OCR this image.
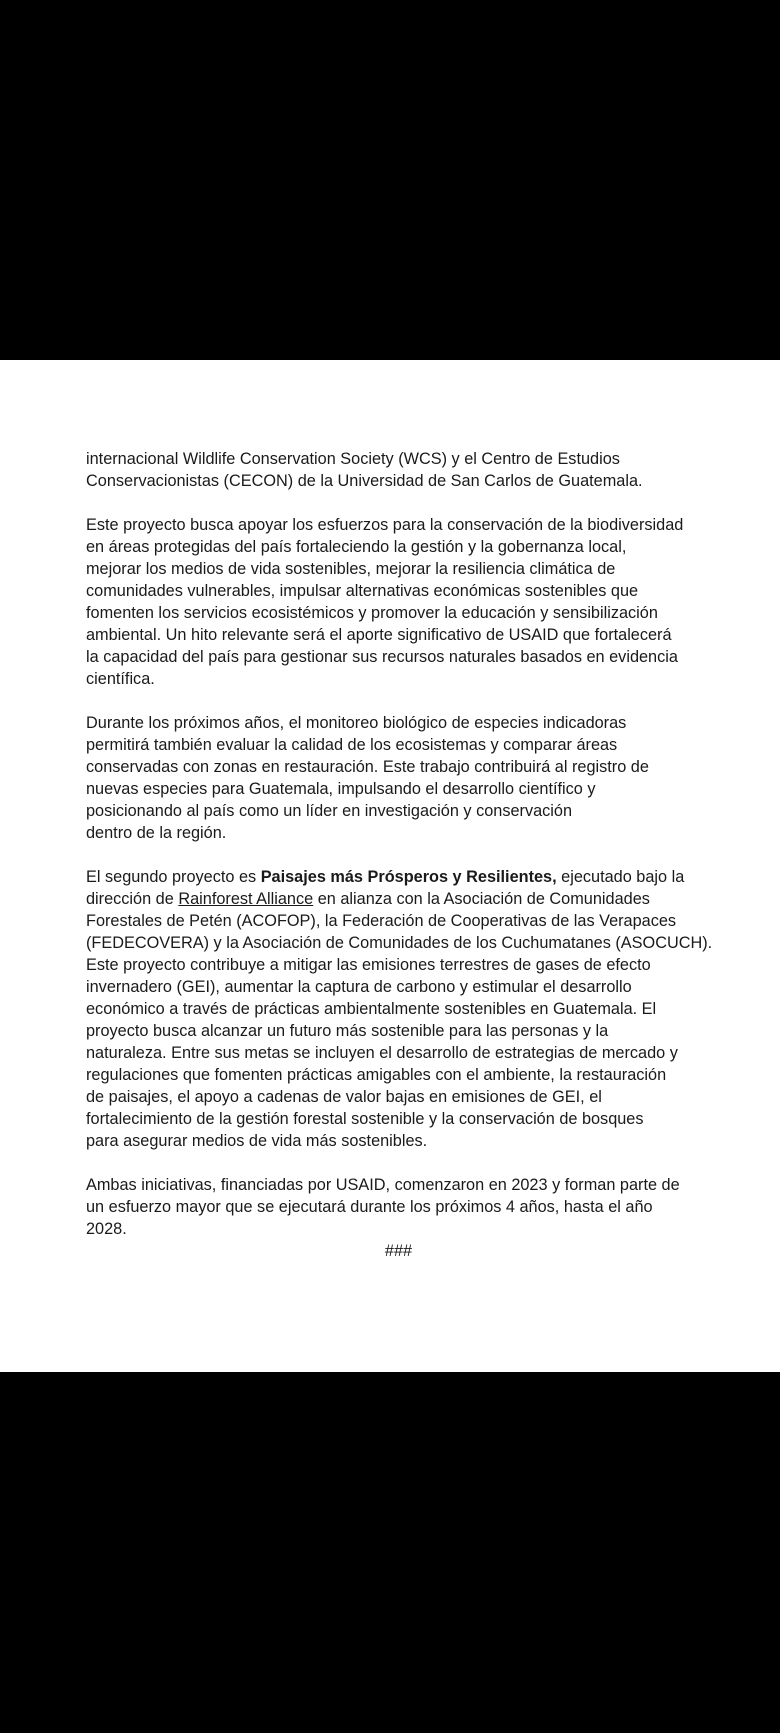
internacional Wildlife Conservation Society (WCS) y el Centro de Estudios
Conservacionistas (CECON) de la Universidad de San Carlos de Guatemala.
Este proyecto busca apoyar los esfuerzos para la conservación de la biodiversidad
en áreas protegidas del país fortaleciendo la gestión y la gobernanza local,
mejorar los medios de vida sostenibles, mejorar la resiliencia climática de
comunidades vulnerables, impulsar alternativas económicas sostenibles que
fomenten los servicios ecosistémicos y promover la educación y sensibilización
ambiental. Un hito relevante será el aporte significativo de USAID que fortalecerá
la capacidad del país para gestionar sus recursos naturales basados en evidencia
científica.
Durante los próximos años, el monitoreo biológico de especies indicadoras
permitirá también evaluar la calidad de los ecosistemas y comparar áreas
conservadas con zonas en restauración. Este trabajo contribuirá al registro de
nuevas especies para Guatemala, impulsando el desarrollo científico y
posicionando al país como un líder en investigación y conservación
dentro de la región.
El segundo proyecto es Paisajes más Prósperos y Resilientes, ejecutado bajo la
dirección de Rainforest Alliance en alianza con la Asociación de Comunidades
Forestales de Petén (ACOFOP), la Federación de Cooperativas de las Verapaces
(FEDECOVERA) y la Asociación de Comunidades de los Cuchumatanes (ASOCUCH).
Este proyecto contribuye a mitigar las emisiones terrestres de gases de efecto
invernadero (GEI), aumentar la captura de carbono y estimular el desarrollo
económico a través de prácticas ambientalmente sostenibles en Guatemala. El
proyecto busca alcanzar un futuro más sostenible para las personas y la
naturaleza. Entre sus metas se incluyen el desarrollo de estrategias de mercado y
regulaciones que fomenten prácticas amigables con el ambiente, la restauración
de paisajes, el apoyo a cadenas de valor bajas en emisiones de GEI, el
fortalecimiento de la gestión forestal sostenible y la conservación de bosques
para asegurar medios de vida más sostenibles.
Ambas iniciativas, financiadas por USAID, comenzaron en 2023 y forman parte de
un esfuerzo mayor que se ejecutará durante los próximos 4 años, hasta el año
2028.
###
